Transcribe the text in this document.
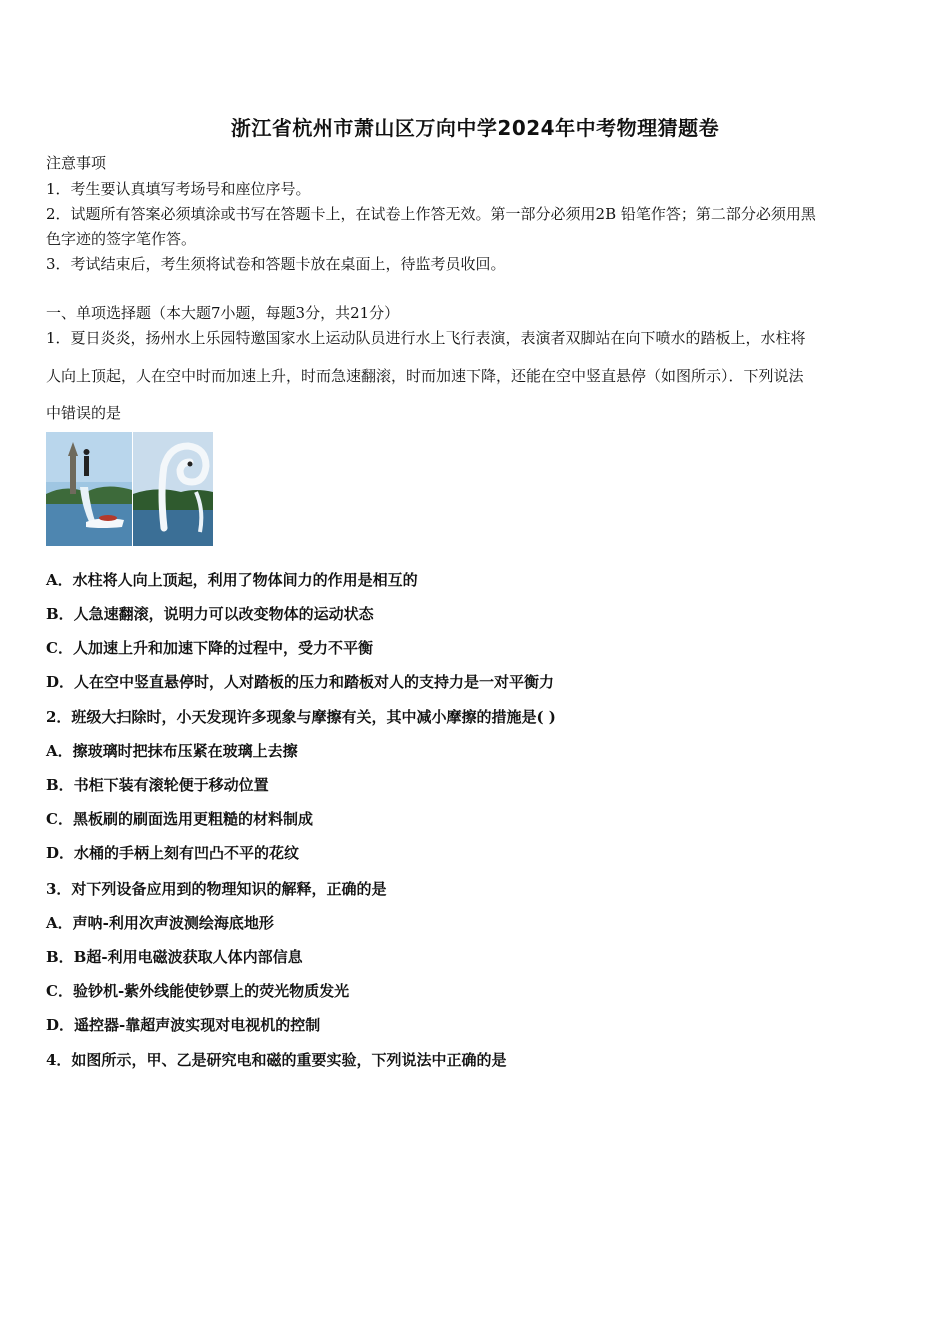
浙江省杭州市萧山区万向中学2024年中考物理猜题卷
注意事项
1．考生要认真填写考场号和座位序号。
2．试题所有答案必须填涂或书写在答题卡上，在试卷上作答无效。第一部分必须用2B 铅笔作答；第二部分必须用黑
色字迹的签字笔作答。
3．考试结束后，考生须将试卷和答题卡放在桌面上，待监考员收回。
一、单项选择题（本大题7小题，每题3分，共21分）
1．夏日炎炎，扬州水上乐园特邀国家水上运动队员进行水上飞行表演，表演者双脚站在向下喷水的踏板上，水柱将
人向上顶起，人在空中时而加速上升，时而急速翻滚，时而加速下降，还能在空中竖直悬停（如图所示）．下列说法
中错误的是
A．水柱将人向上顶起，利用了物体间力的作用是相互的
B．人急速翻滚，说明力可以改变物体的运动状态
C．人加速上升和加速下降的过程中，受力不平衡
D．人在空中竖直悬停时，人对踏板的压力和踏板对人的支持力是一对平衡力
2．班级大扫除时，小天发现许多现象与摩擦有关，其中减小摩擦的措施是( )
A．擦玻璃时把抹布压紧在玻璃上去擦
B．书柜下装有滚轮便于移动位置
C．黑板刷的刷面选用更粗糙的材料制成
D．水桶的手柄上刻有凹凸不平的花纹
3．对下列设备应用到的物理知识的解释，正确的是
A．声呐-利用次声波测绘海底地形
B．B超-利用电磁波获取人体内部信息
C．验钞机-紫外线能使钞票上的荧光物质发光
D．遥控器-靠超声波实现对电视机的控制
4．如图所示，甲、乙是研究电和磁的重要实验，下列说法中正确的是
